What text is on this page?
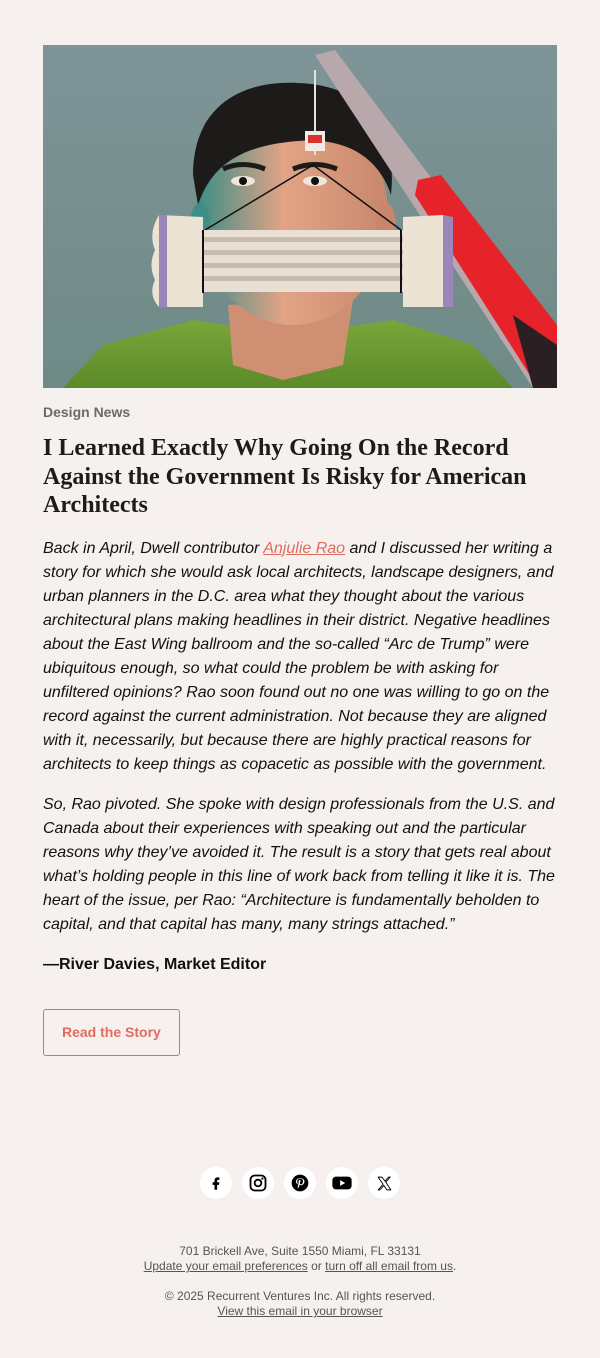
Design News
I Learned Exactly Why Going On the Record Against the Government Is Risky for American Architects

Back in April, Dwell contributor Anjulie Rao and I discussed her writing a story for which she would ask local architects, landscape designers, and urban planners in the D.C. area what they thought about the various architectural plans making headlines in their district. Negative headlines about the East Wing ballroom and the so-called “Arc de Trump” were ubiquitous enough, so what could the problem be with asking for unfiltered opinions? Rao soon found out no one was willing to go on the record against the current administration. Not because they are aligned with it, necessarily, but because there are highly practical reasons for architects to keep things as copacetic as possible with the government.

So, Rao pivoted. She spoke with design professionals from the U.S. and Canada about their experiences with speaking out and the particular reasons why they’ve avoided it. The result is a story that gets real about what’s holding people in this line of work back from telling it like it is. The heart of the issue, per Rao: “Architecture is fundamentally beholden to capital, and that capital has many, many strings attached.”

—River Davies, Market Editor
Read the Story
701 Brickell Ave, Suite 1550 Miami, FL 33131
Update your email preferences or turn off all email from us.
© 2025 Recurrent Ventures Inc. All rights reserved.
View this email in your browser
